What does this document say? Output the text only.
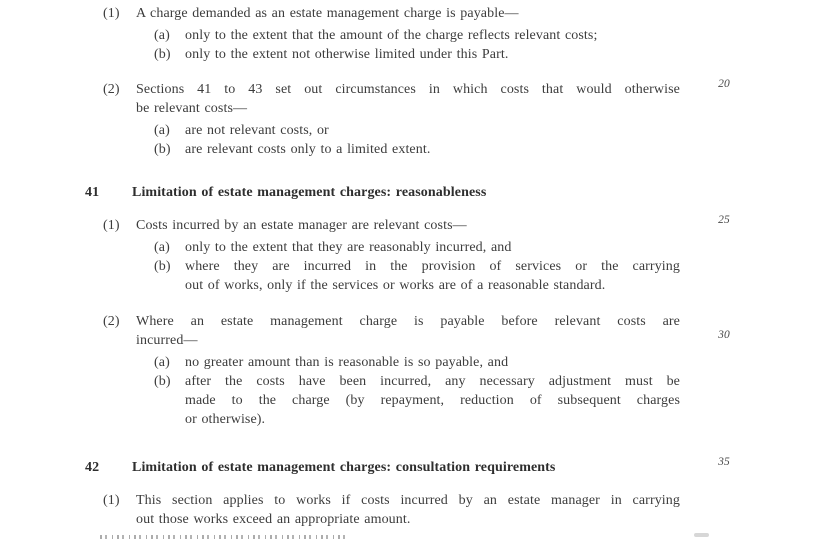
(1)	A charge demanded as an estate management charge is payable—
(a)	only to the extent that the amount of the charge reflects relevant costs;
(b)	only to the extent not otherwise limited under this Part.
(2)	Sections 41 to 43 set out circumstances in which costs that would otherwise
be relevant costs—
(a)	are not relevant costs, or
(b)	are relevant costs only to a limited extent.
41	Limitation of estate management charges: reasonableness
(1)	Costs incurred by an estate manager are relevant costs—
(a)	only to the extent that they are reasonably incurred, and
(b)	where they are incurred in the provision of services or the carrying
out of works, only if the services or works are of a reasonable standard.
(2)	Where an estate management charge is payable before relevant costs are
incurred—
(a)	no greater amount than is reasonable is so payable, and
(b)	after the costs have been incurred, any necessary adjustment must be
made to the charge (by repayment, reduction of subsequent charges
or otherwise).
42	Limitation of estate management charges: consultation requirements
(1)	This section applies to works if costs incurred by an estate manager in carrying
out those works exceed an appropriate amount.
20
25
30
35
